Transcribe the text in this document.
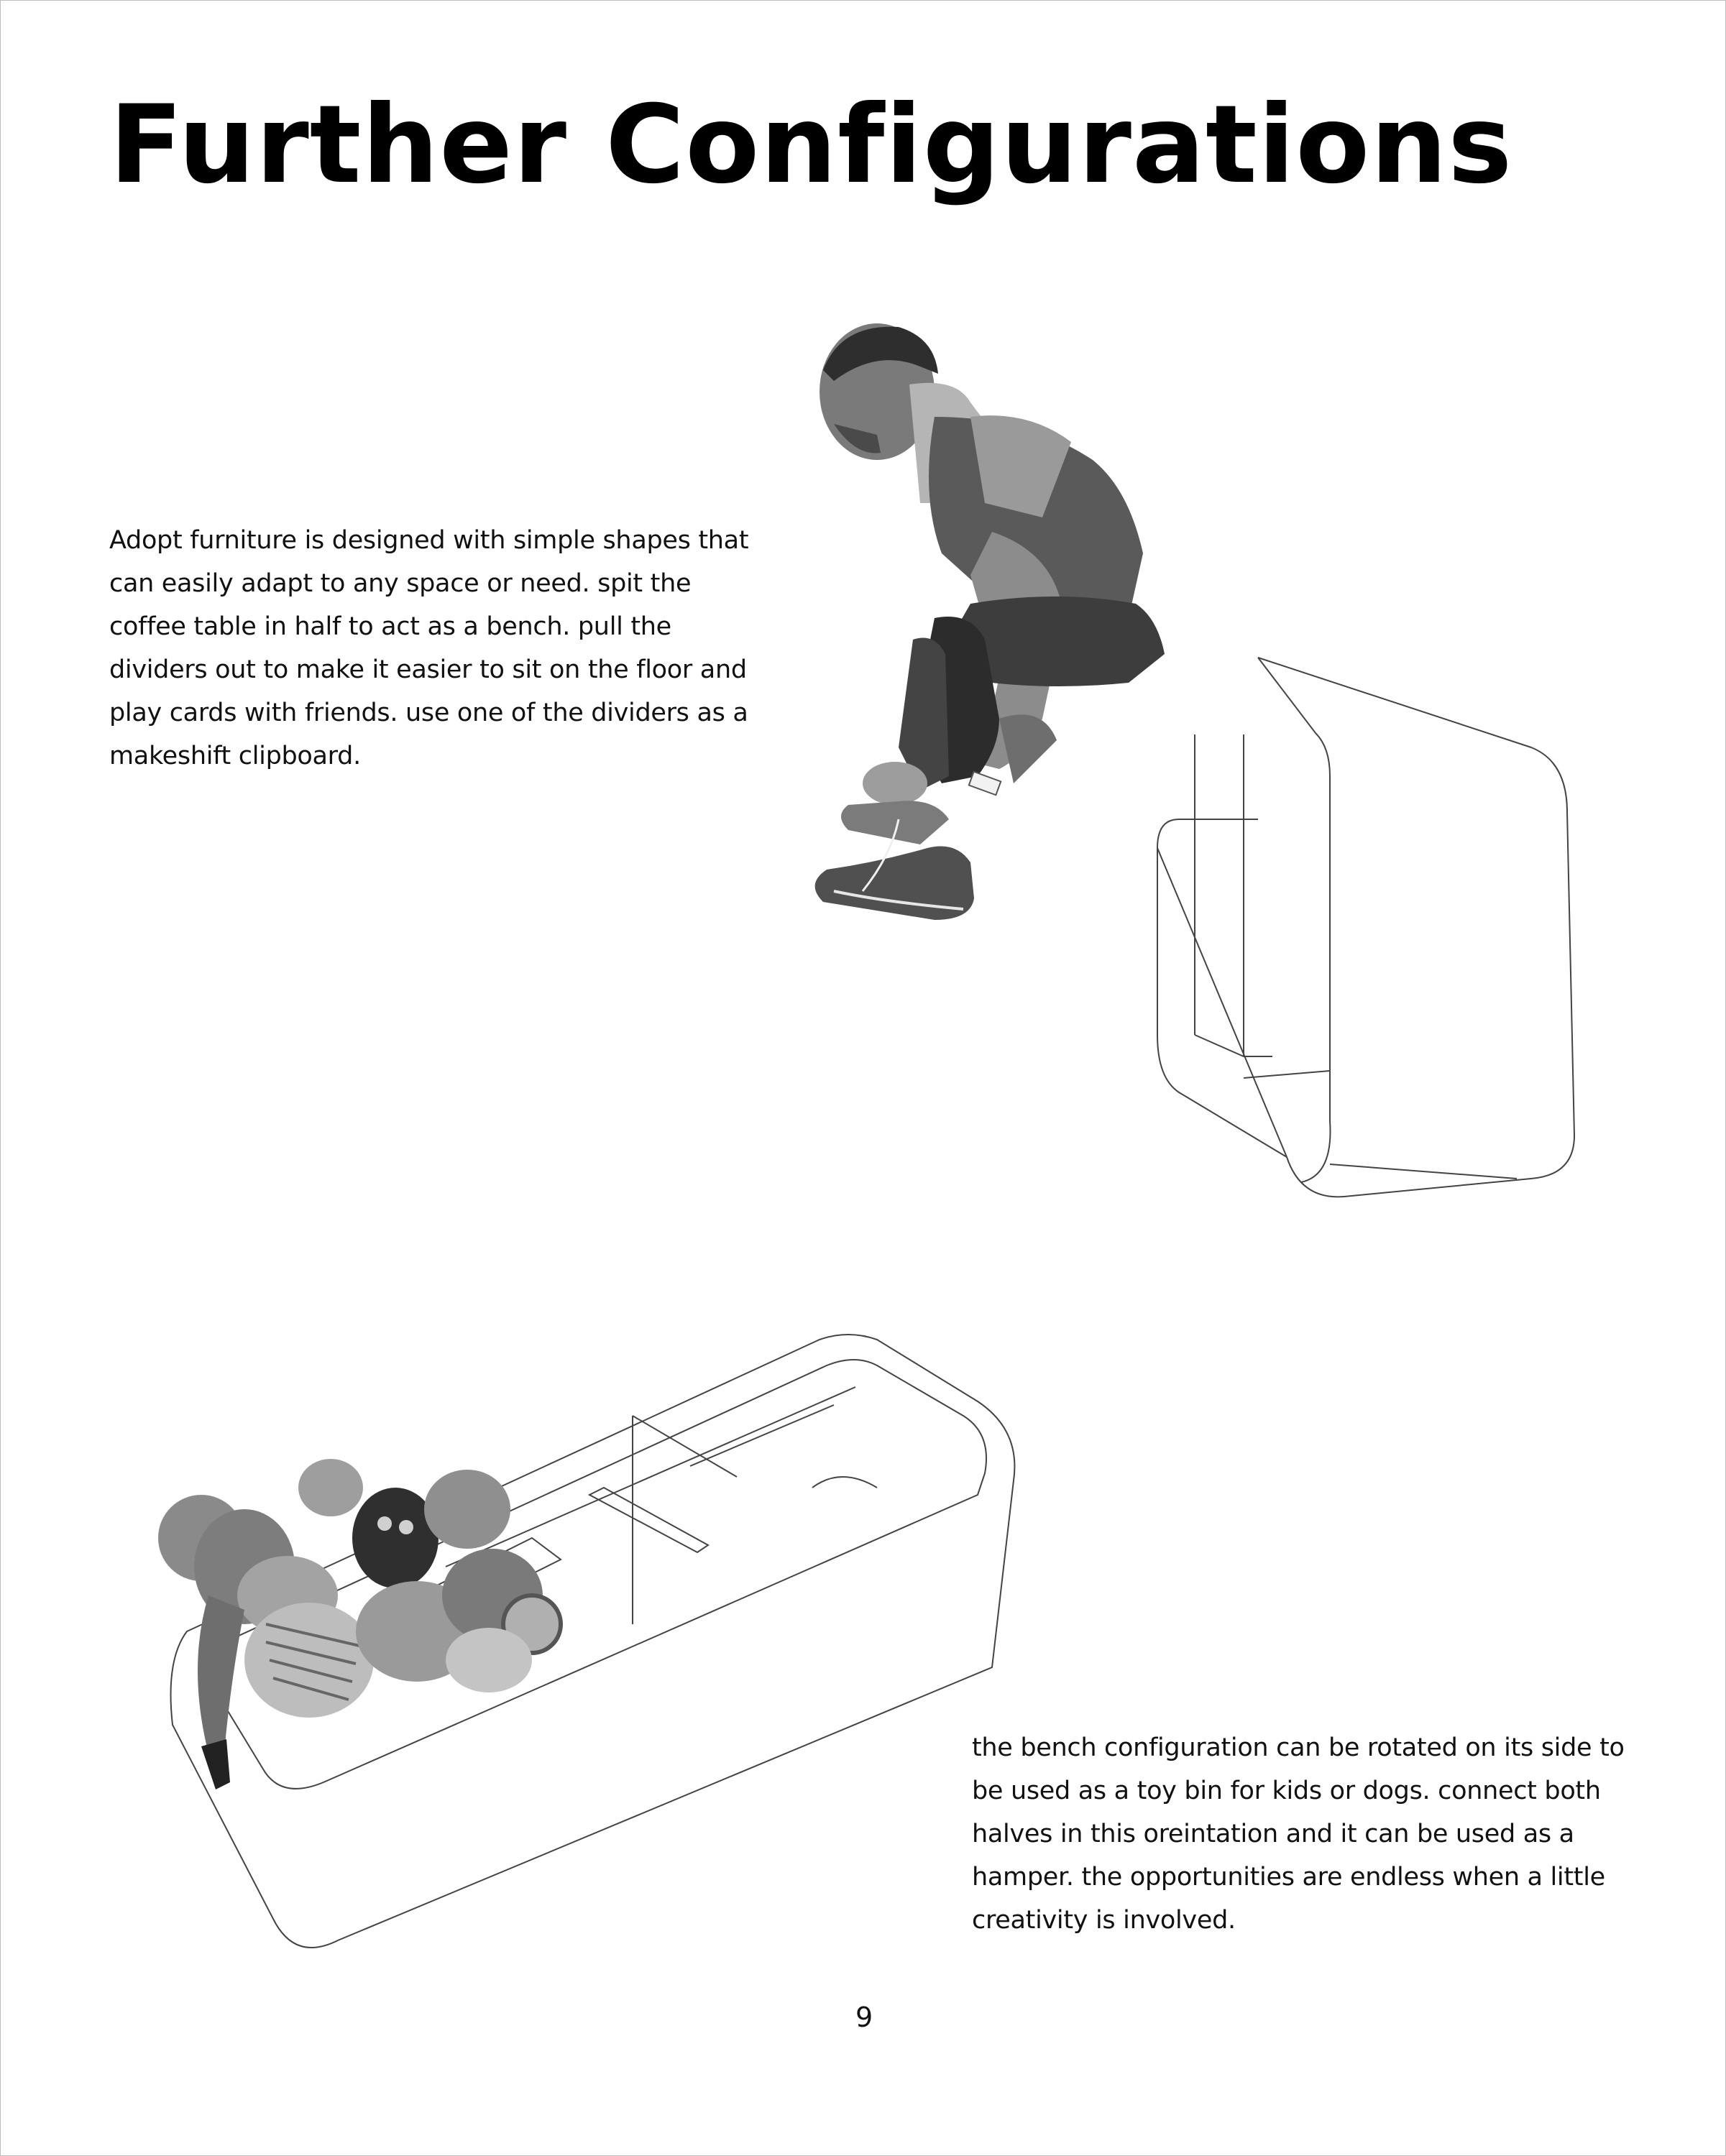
Further Configurations

Adopt furniture is designed with simple shapes that
can easily adapt to any space or need. spit the
coffee table in half to act as a bench. pull the
dividers out to make it easier to sit on the floor and
play cards with friends. use one of the dividers as a
makeshift clipboard.

the bench configuration can be rotated on its side to
be used as a toy bin for kids or dogs. connect both
halves in this oreintation and it can be used as a
hamper. the opportunities are endless when a little
creativity is involved.

9
